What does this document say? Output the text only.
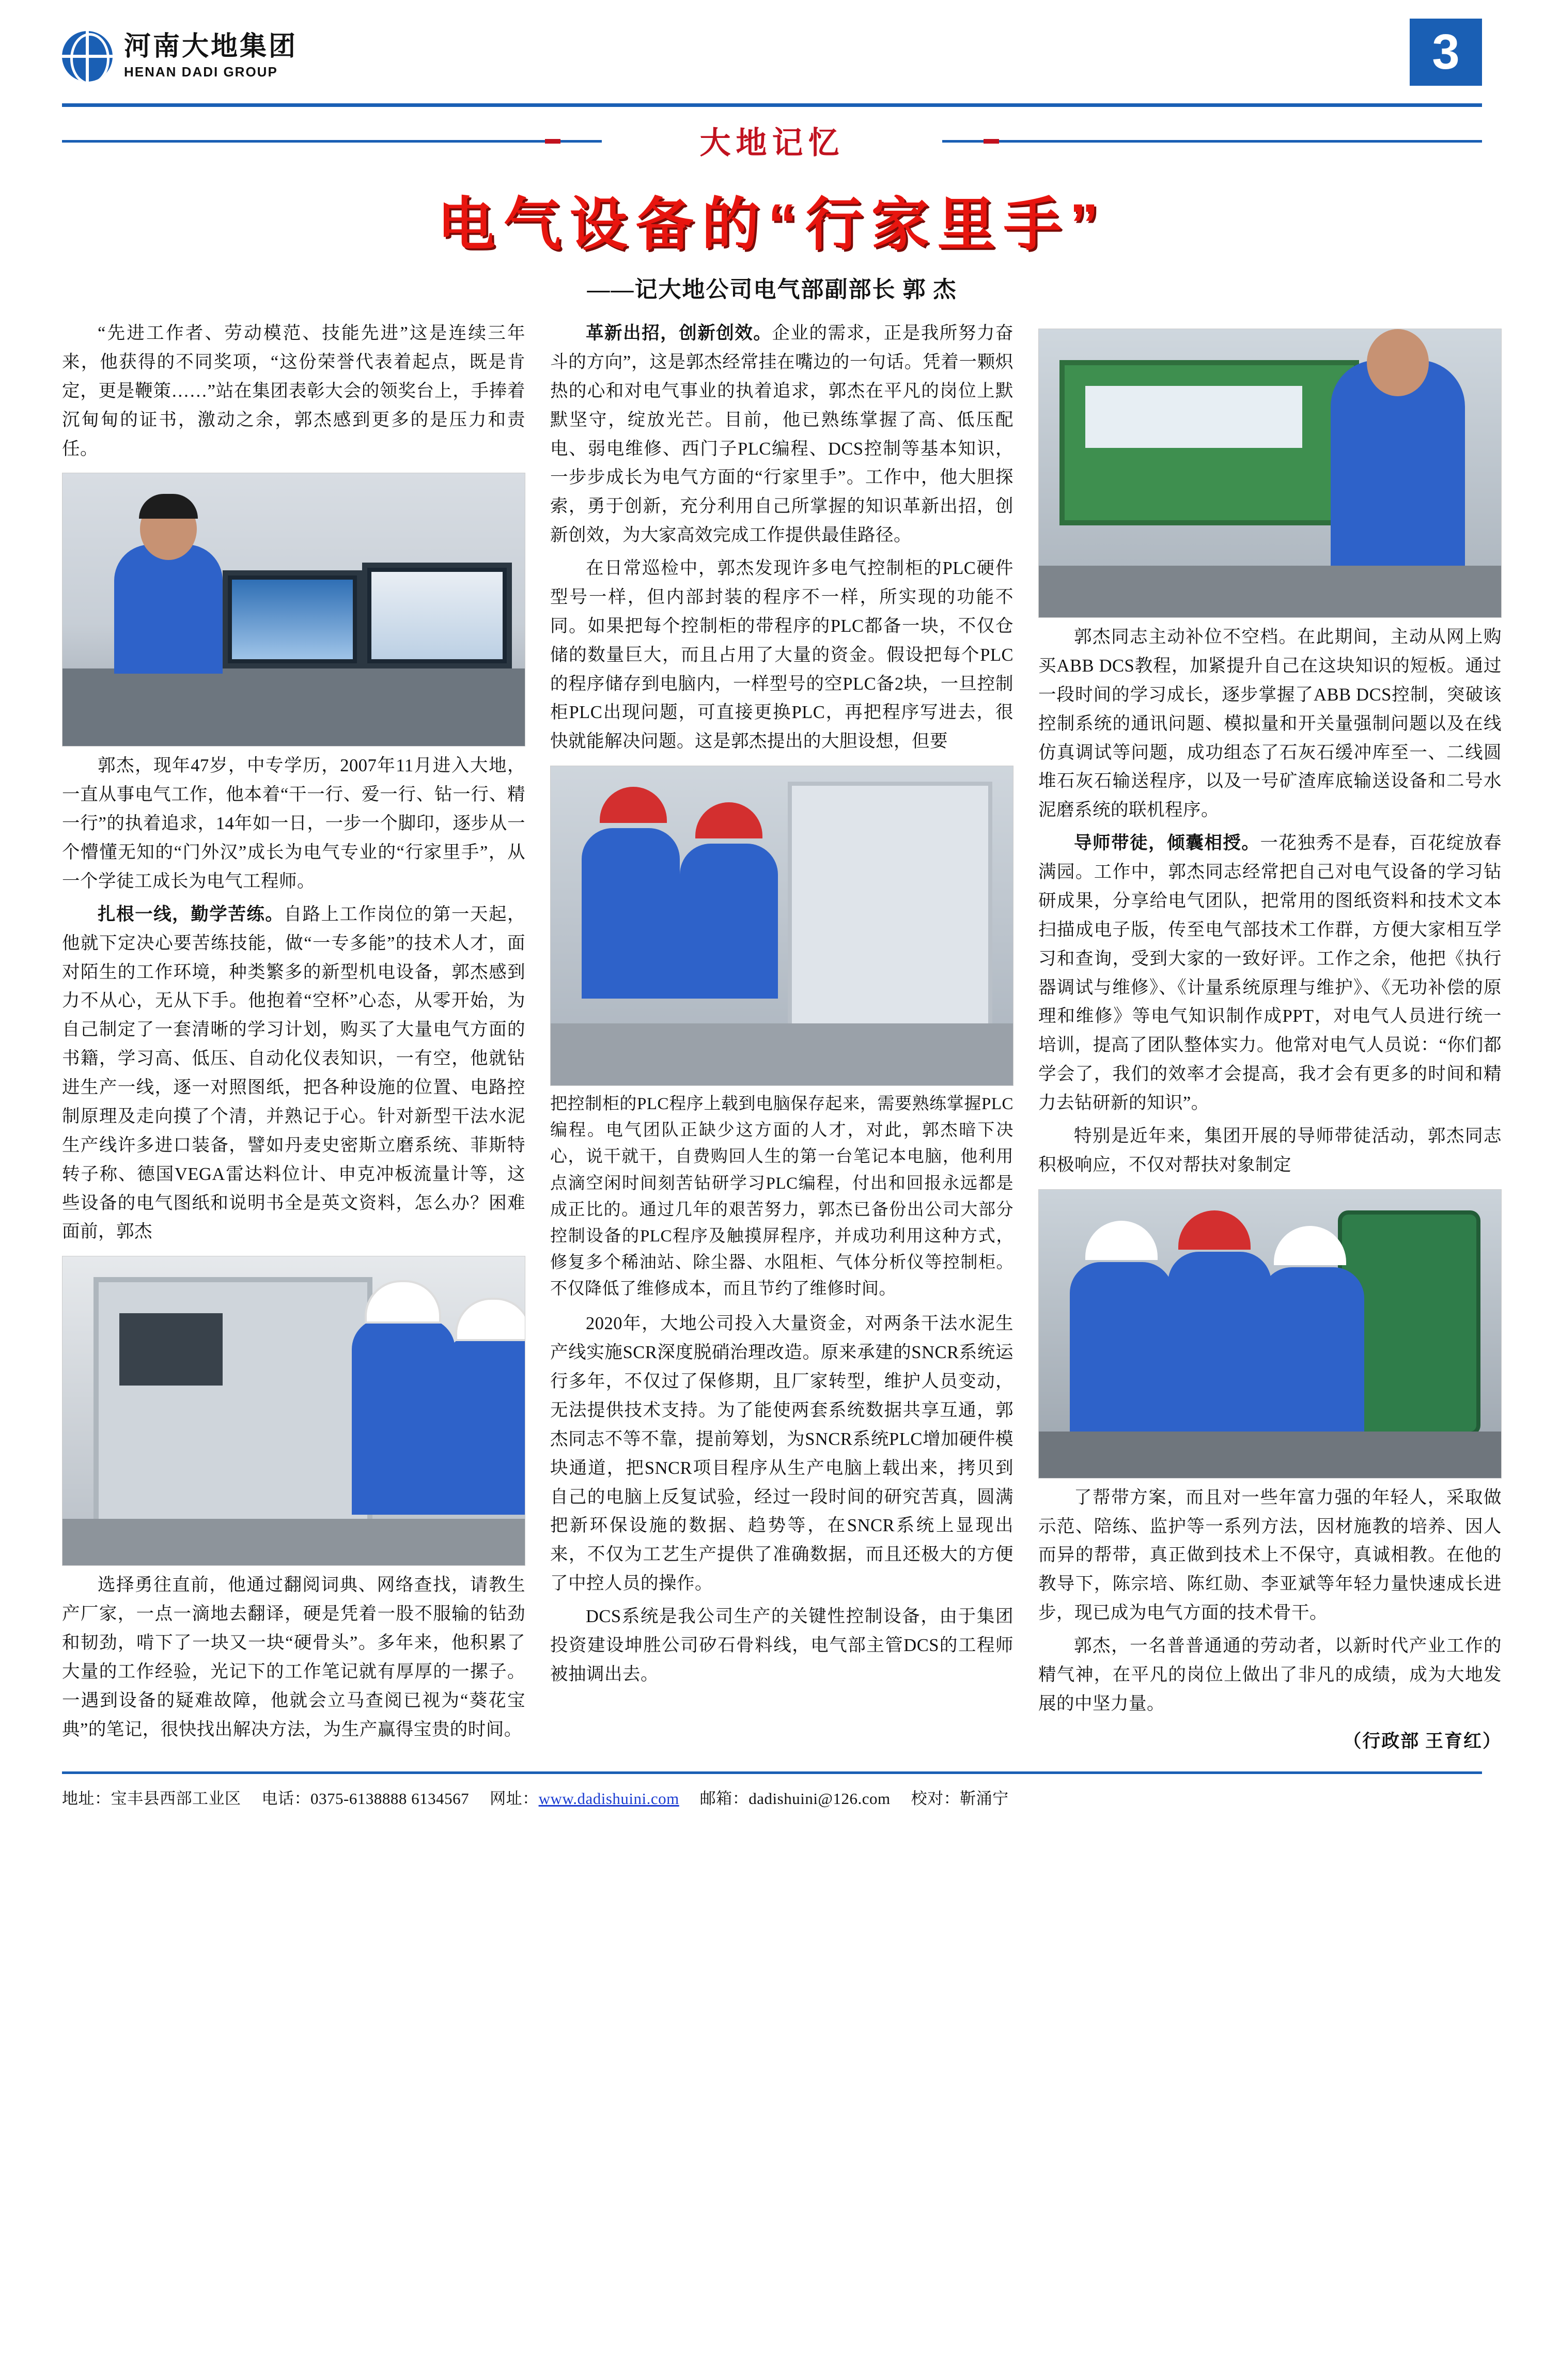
河南大地集团
HENAN DADI GROUP	3
大地记忆
电气设备的“行家里手”
——记大地公司电气部副部长 郭 杰

“先进工作者、劳动模范、技能先进”这是连续三年来，他获得的不同奖项，“这份荣誉代表着起点，既是肯定，更是鞭策……”站在集团表彰大会的领奖台上，手捧着沉甸甸的证书，激动之余，郭杰感到更多的是压力和责任。

郭杰，现年47岁，中专学历，2007年11月进入大地，一直从事电气工作，他本着“干一行、爱一行、钻一行、精一行”的执着追求，14年如一日，一步一个脚印，逐步从一个懵懂无知的“门外汉”成长为电气专业的“行家里手”，从一个学徒工成长为电气工程师。

扎根一线，勤学苦练。自路上工作岗位的第一天起，他就下定决心要苦练技能，做“一专多能”的技术人才，面对陌生的工作环境，种类繁多的新型机电设备，郭杰感到力不从心，无从下手。他抱着“空杯”心态，从零开始，为自己制定了一套清晰的学习计划，购买了大量电气方面的书籍，学习高、低压、自动化仪表知识，一有空，他就钻进生产一线，逐一对照图纸，把各种设施的位置、电路控制原理及走向摸了个清，并熟记于心。针对新型干法水泥生产线许多进口装备，譬如丹麦史密斯立磨系统、菲斯特转子称、德国VEGA雷达料位计、申克冲板流量计等，这些设备的电气图纸和说明书全是英文资料，怎么办？困难面前，郭杰

选择勇往直前，他通过翻阅词典、网络查找，请教生产厂家，一点一滴地去翻译，硬是凭着一股不服输的钻劲和韧劲，啃下了一块又一块“硬骨头”。多年来，他积累了大量的工作经验，光记下的工作笔记就有厚厚的一摞子。一遇到设备的疑难故障，他就会立马查阅已视为“葵花宝典”的笔记，很快找出解决方法，为生产赢得宝贵的时间。

革新出招，创新创效。企业的需求，正是我所努力奋斗的方向”，这是郭杰经常挂在嘴边的一句话。凭着一颗炽热的心和对电气事业的执着追求，郭杰在平凡的岗位上默默坚守，绽放光芒。目前，他已熟练掌握了高、低压配电、弱电维修、西门子PLC编程、DCS控制等基本知识，一步步成长为电气方面的“行家里手”。工作中，他大胆探索，勇于创新，充分利用自己所掌握的知识革新出招，创新创效，为大家高效完成工作提供最佳路径。

在日常巡检中，郭杰发现许多电气控制柜的PLC硬件型号一样，但内部封装的程序不一样，所实现的功能不同。如果把每个控制柜的带程序的PLC都备一块，不仅仓储的数量巨大，而且占用了大量的资金。假设把每个PLC的程序储存到电脑内，一样型号的空PLC备2块，一旦控制柜PLC出现问题，可直接更换PLC，再把程序写进去，很快就能解决问题。这是郭杰提出的大胆设想，但要

把控制柜的PLC程序上载到电脑保存起来，需要熟练掌握PLC编程。电气团队正缺少这方面的人才，对此，郭杰暗下决心，说干就干，自费购回人生的第一台笔记本电脑，他利用点滴空闲时间刻苦钻研学习PLC编程，付出和回报永远都是成正比的。通过几年的艰苦努力，郭杰已备份出公司大部分控制设备的PLC程序及触摸屏程序，并成功利用这种方式，修复多个稀油站、除尘器、水阻柜、气体分析仪等控制柜。不仅降低了维修成本，而且节约了维修时间。

2020年，大地公司投入大量资金，对两条干法水泥生产线实施SCR深度脱硝治理改造。原来承建的SNCR系统运行多年，不仅过了保修期，且厂家转型，维护人员变动，无法提供技术支持。为了能使两套系统数据共享互通，郭杰同志不等不靠，提前筹划，为SNCR系统PLC增加硬件模块通道，把SNCR项目程序从生产电脑上载出来，拷贝到自己的电脑上反复试验，经过一段时间的研究苦真，圆满把新环保设施的数据、趋势等，在SNCR系统上显现出来，不仅为工艺生产提供了准确数据，而且还极大的方便了中控人员的操作。

DCS系统是我公司生产的关键性控制设备，由于集团投资建设坤胜公司矽石骨料线，电气部主管DCS的工程师被抽调出去。

郭杰同志主动补位不空档。在此期间，主动从网上购买ABB DCS教程，加紧提升自己在这块知识的短板。通过一段时间的学习成长，逐步掌握了ABB DCS控制，突破该控制系统的通讯问题、模拟量和开关量强制问题以及在线仿真调试等问题，成功组态了石灰石缓冲库至一、二线圆堆石灰石输送程序，以及一号矿渣库底输送设备和二号水泥磨系统的联机程序。

导师带徒，倾囊相授。一花独秀不是春，百花绽放春满园。工作中，郭杰同志经常把自己对电气设备的学习钻研成果，分享给电气团队，把常用的图纸资料和技术文本扫描成电子版，传至电气部技术工作群，方便大家相互学习和查询，受到大家的一致好评。工作之余，他把《执行器调试与维修》、《计量系统原理与维护》、《无功补偿的原理和维修》等电气知识制作成PPT，对电气人员进行统一培训，提高了团队整体实力。他常对电气人员说：“你们都学会了，我们的效率才会提高，我才会有更多的时间和精力去钻研新的知识”。

特别是近年来，集团开展的导师带徒活动，郭杰同志积极响应，不仅对帮扶对象制定

了帮带方案，而且对一些年富力强的年轻人，采取做示范、陪练、监护等一系列方法，因材施教的培养、因人而异的帮带，真正做到技术上不保守，真诚相教。在他的教导下，陈宗培、陈红勋、李亚斌等年轻力量快速成长进步，现已成为电气方面的技术骨干。

郭杰，一名普普通通的劳动者，以新时代产业工作的精气神，在平凡的岗位上做出了非凡的成绩，成为大地发展的中坚力量。

（行政部 王育红）
地址：宝丰县西部工业区 电话：0375-6138888 6134567 网址：www.dadishuini.com 邮箱：dadishuini@126.com 校对：靳涌宁
